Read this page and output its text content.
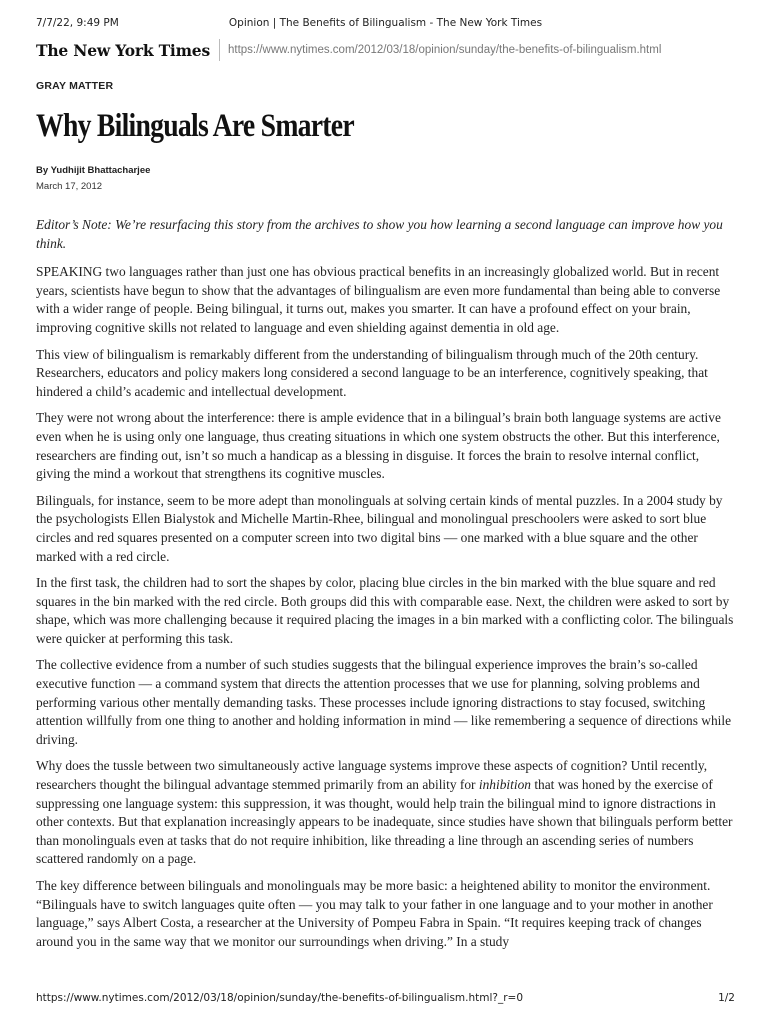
7/7/22, 9:49 PM	Opinion | The Benefits of Bilingualism - The New York Times
The New York Times https://www.nytimes.com/2012/03/18/opinion/sunday/the-benefits-of-bilingualism.html
GRAY MATTER
Why Bilinguals Are Smarter
By Yudhijit Bhattacharjee
March 17, 2012

Editor’s Note: We’re resurfacing this story from the archives to show you how learning a second language can improve how you think.

SPEAKING two languages rather than just one has obvious practical benefits in an increasingly globalized world. But in recent years, scientists have begun to show that the advantages of bilingualism are even more fundamental than being able to converse with a wider range of people. Being bilingual, it turns out, makes you smarter. It can have a profound effect on your brain, improving cognitive skills not related to language and even shielding against dementia in old age.

This view of bilingualism is remarkably different from the understanding of bilingualism through much of the 20th century. Researchers, educators and policy makers long considered a second language to be an interference, cognitively speaking, that hindered a child’s academic and intellectual development.

They were not wrong about the interference: there is ample evidence that in a bilingual’s brain both language systems are active even when he is using only one language, thus creating situations in which one system obstructs the other. But this interference, researchers are finding out, isn’t so much a handicap as a blessing in disguise. It forces the brain to resolve internal conflict, giving the mind a workout that strengthens its cognitive muscles.

Bilinguals, for instance, seem to be more adept than monolinguals at solving certain kinds of mental puzzles. In a 2004 study by the psychologists Ellen Bialystok and Michelle Martin-Rhee, bilingual and monolingual preschoolers were asked to sort blue circles and red squares presented on a computer screen into two digital bins — one marked with a blue square and the other marked with a red circle.

In the first task, the children had to sort the shapes by color, placing blue circles in the bin marked with the blue square and red squares in the bin marked with the red circle. Both groups did this with comparable ease. Next, the children were asked to sort by shape, which was more challenging because it required placing the images in a bin marked with a conflicting color. The bilinguals were quicker at performing this task.

The collective evidence from a number of such studies suggests that the bilingual experience improves the brain’s so-called executive function — a command system that directs the attention processes that we use for planning, solving problems and performing various other mentally demanding tasks. These processes include ignoring distractions to stay focused, switching attention willfully from one thing to another and holding information in mind — like remembering a sequence of directions while driving.

Why does the tussle between two simultaneously active language systems improve these aspects of cognition? Until recently, researchers thought the bilingual advantage stemmed primarily from an ability for inhibition that was honed by the exercise of suppressing one language system: this suppression, it was thought, would help train the bilingual mind to ignore distractions in other contexts. But that explanation increasingly appears to be inadequate, since studies have shown that bilinguals perform better than monolinguals even at tasks that do not require inhibition, like threading a line through an ascending series of numbers scattered randomly on a page.

The key difference between bilinguals and monolinguals may be more basic: a heightened ability to monitor the environment. “Bilinguals have to switch languages quite often — you may talk to your father in one language and to your mother in another language,” says Albert Costa, a researcher at the University of Pompeu Fabra in Spain. “It requires keeping track of changes around you in the same way that we monitor our surroundings when driving.” In a study

https://www.nytimes.com/2012/03/18/opinion/sunday/the-benefits-of-bilingualism.html?_r=0	1/2
